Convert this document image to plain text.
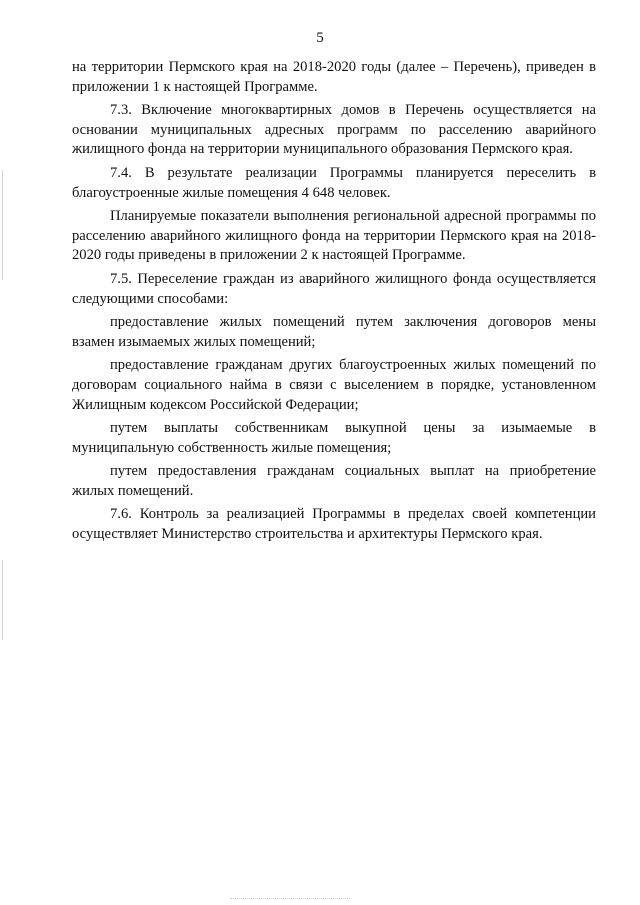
5

на территории Пермского края на 2018-2020 годы (далее – Перечень), приведен в приложении 1 к настоящей Программе.

7.3. Включение многоквартирных домов в Перечень осуществляется на основании муниципальных адресных программ по расселению аварийного жилищного фонда на территории муниципального образования Пермского края.

7.4. В результате реализации Программы планируется переселить в благоустроенные жилые помещения 4 648 человек.

Планируемые показатели выполнения региональной адресной программы по расселению аварийного жилищного фонда на территории Пермского края на 2018-2020 годы приведены в приложении 2 к настоящей Программе.

7.5. Переселение граждан из аварийного жилищного фонда осуществляется следующими способами:

предоставление жилых помещений путем заключения договоров мены взамен изымаемых жилых помещений;

предоставление гражданам других благоустроенных жилых помещений по договорам социального найма в связи с выселением в порядке, установленном Жилищным кодексом Российской Федерации;

путем выплаты собственникам выкупной цены за изымаемые в муниципальную собственность жилые помещения;

путем предоставления гражданам социальных выплат на приобретение жилых помещений.

7.6. Контроль за реализацией Программы в пределах своей компетенции осуществляет Министерство строительства и архитектуры Пермского края.
